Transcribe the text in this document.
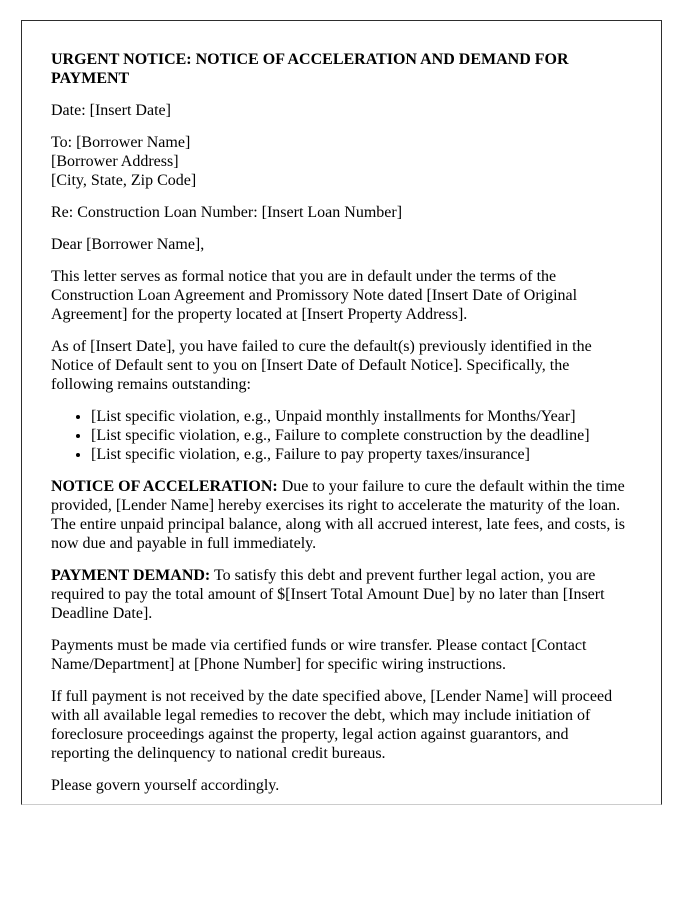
URGENT NOTICE: NOTICE OF ACCELERATION AND DEMAND FOR PAYMENT

Date: [Insert Date]

To: [Borrower Name]
[Borrower Address]
[City, State, Zip Code]

Re: Construction Loan Number: [Insert Loan Number]

Dear [Borrower Name],

This letter serves as formal notice that you are in default under the terms of the Construction Loan Agreement and Promissory Note dated [Insert Date of Original Agreement] for the property located at [Insert Property Address].

As of [Insert Date], you have failed to cure the default(s) previously identified in the Notice of Default sent to you on [Insert Date of Default Notice]. Specifically, the following remains outstanding:

• [List specific violation, e.g., Unpaid monthly installments for Months/Year]
• [List specific violation, e.g., Failure to complete construction by the deadline]
• [List specific violation, e.g., Failure to pay property taxes/insurance]

NOTICE OF ACCELERATION: Due to your failure to cure the default within the time provided, [Lender Name] hereby exercises its right to accelerate the maturity of the loan. The entire unpaid principal balance, along with all accrued interest, late fees, and costs, is now due and payable in full immediately.

PAYMENT DEMAND: To satisfy this debt and prevent further legal action, you are required to pay the total amount of $[Insert Total Amount Due] by no later than [Insert Deadline Date].

Payments must be made via certified funds or wire transfer. Please contact [Contact Name/Department] at [Phone Number] for specific wiring instructions.

If full payment is not received by the date specified above, [Lender Name] will proceed with all available legal remedies to recover the debt, which may include initiation of foreclosure proceedings against the property, legal action against guarantors, and reporting the delinquency to national credit bureaus.

Please govern yourself accordingly.
